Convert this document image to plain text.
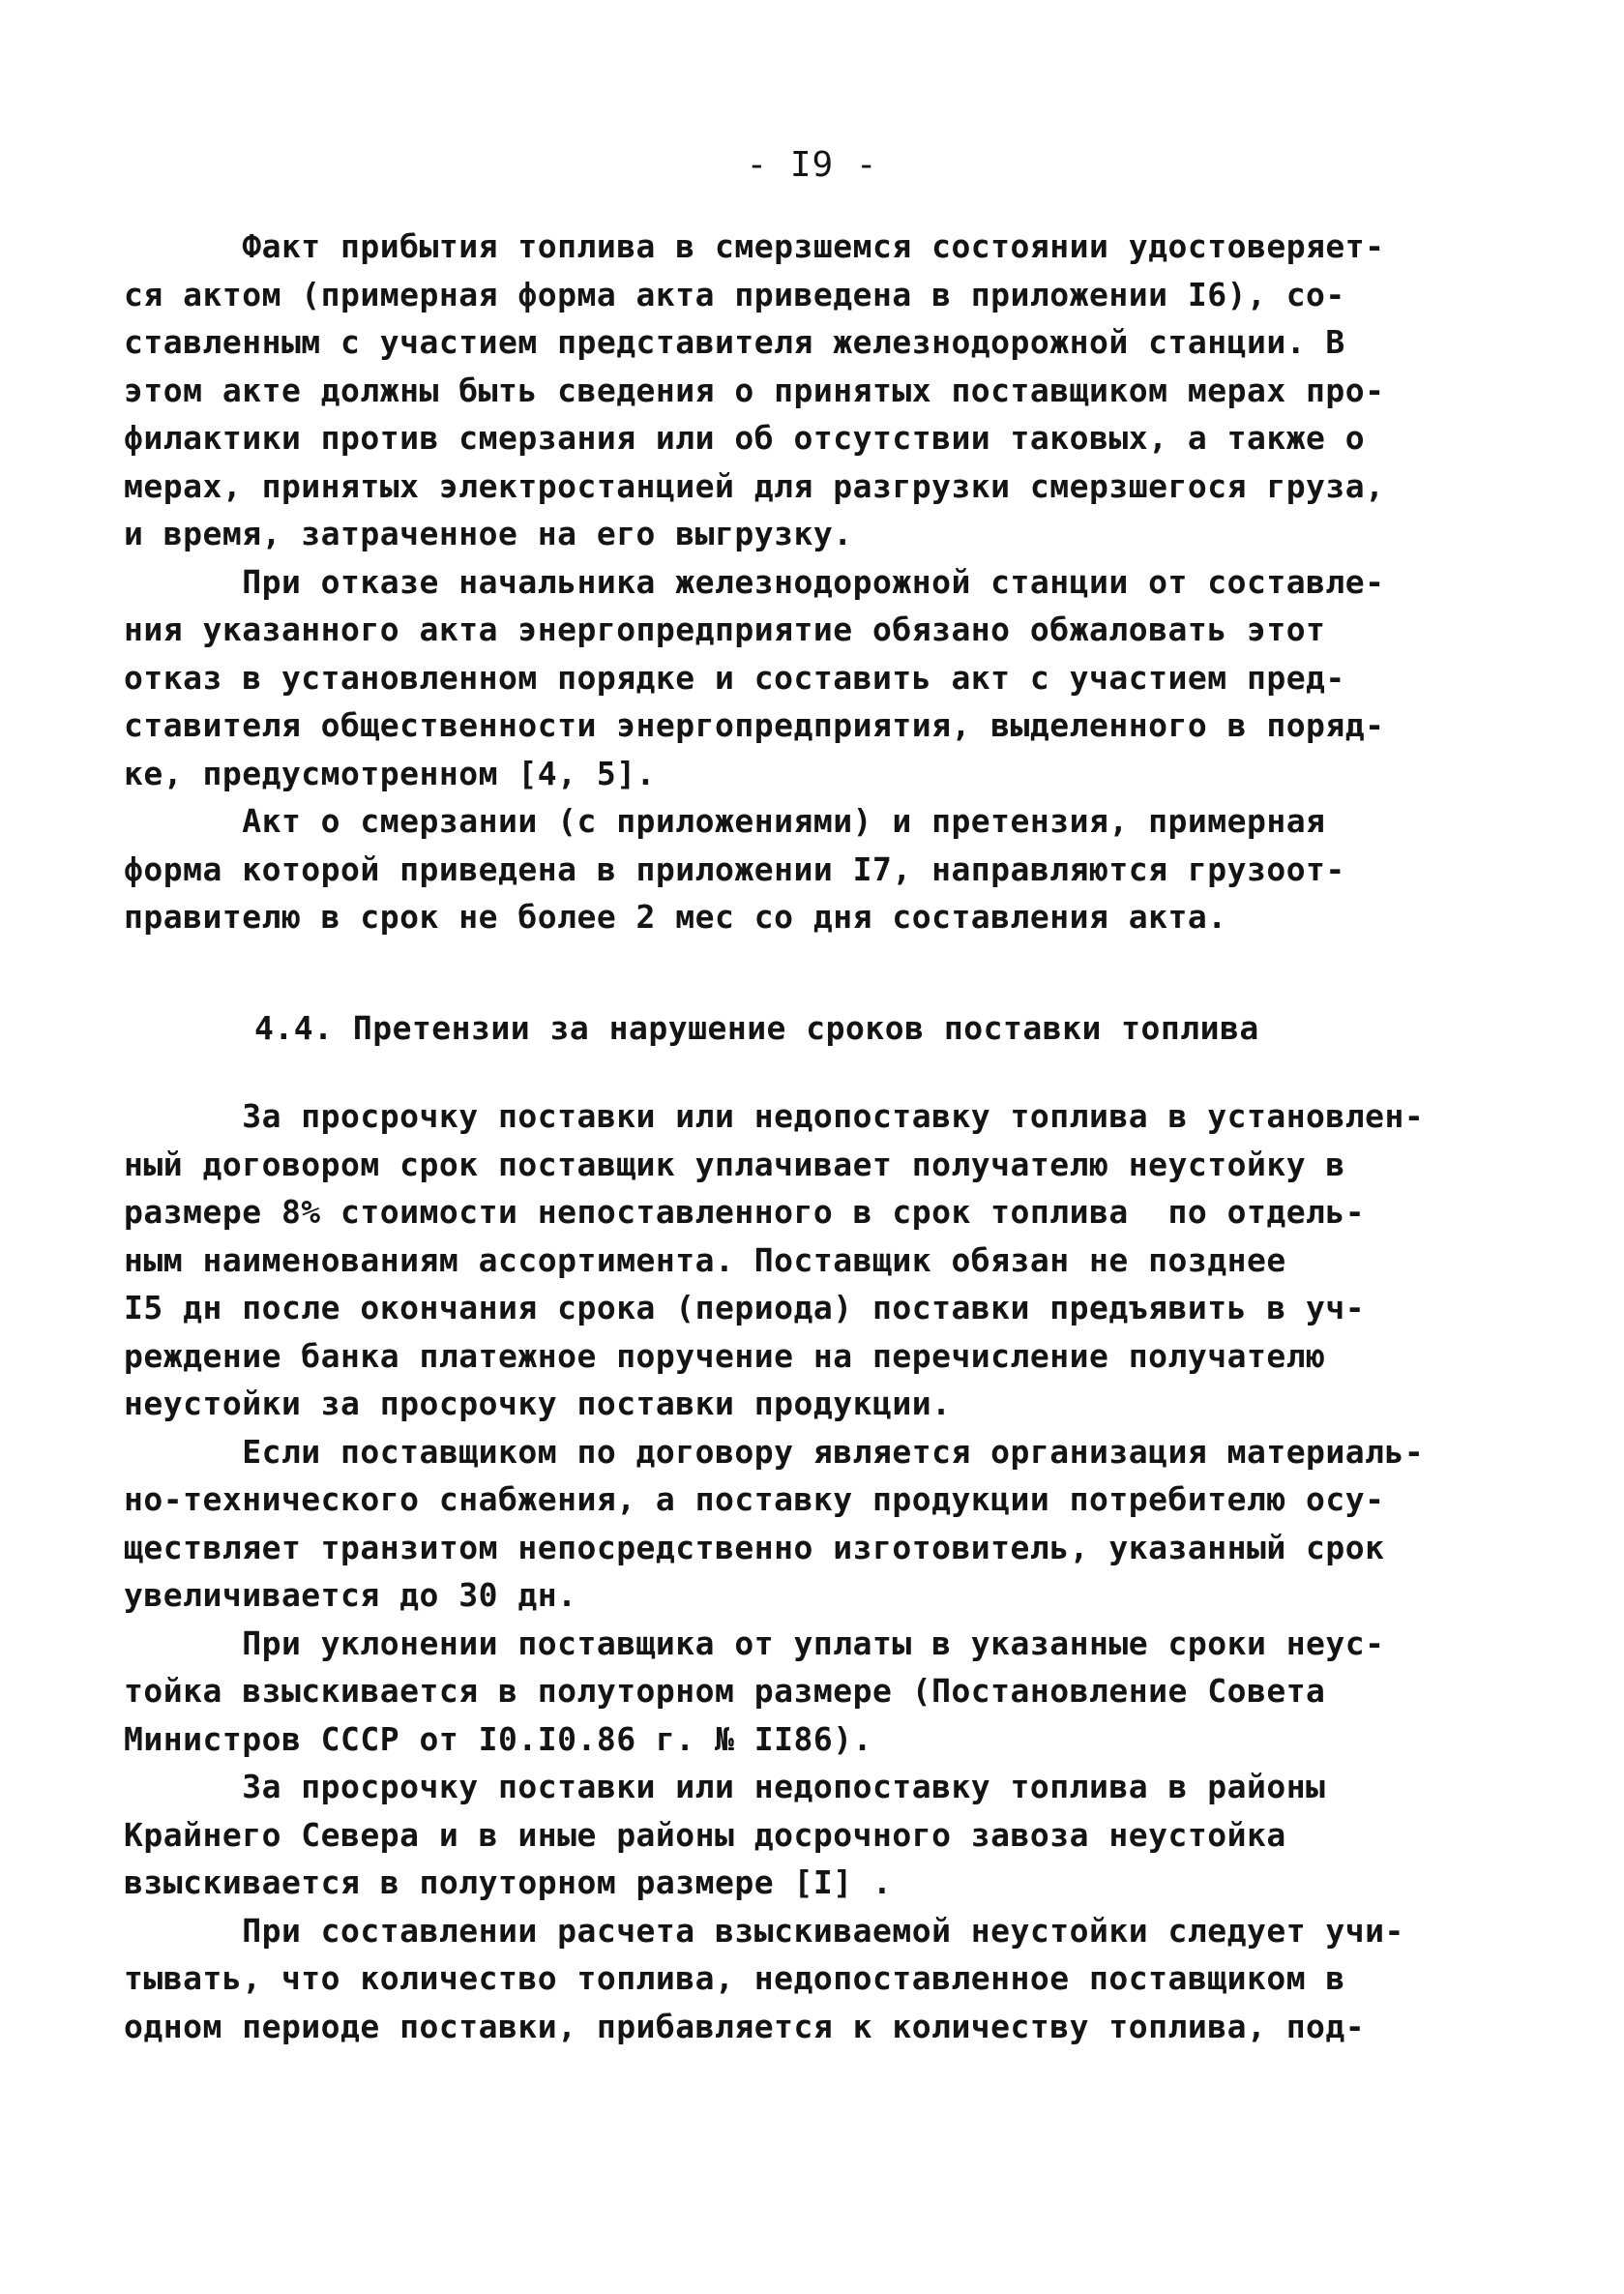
- I9 -
Факт прибытия топлива в смерзшемся состоянии удостоверяет-
ся актом (примерная форма акта приведена в приложении I6), со-
ставленным с участием представителя железнодорожной станции. В
этом акте должны быть сведения о принятых поставщиком мерах про-
филактики против смерзания или об отсутствии таковых, а также о
мерах, принятых электростанцией для разгрузки смерзшегося груза,
и время, затраченное на его выгрузку.
При отказе начальника железнодорожной станции от составле-
ния указанного акта энергопредприятие обязано обжаловать этот
отказ в установленном порядке и составить акт с участием пред-
ставителя общественности энергопредприятия, выделенного в поряд-
ке, предусмотренном [4, 5].
Акт о смерзании (с приложениями) и претензия, примерная
форма которой приведена в приложении I7, направляются грузоот-
правителю в срок не более 2 мес со дня составления акта.
4.4. Претензии за нарушение сроков поставки топлива
За просрочку поставки или недопоставку топлива в установлен-
ный договором срок поставщик уплачивает получателю неустойку в
размере 8% стоимости непоставленного в срок топлива  по отдель-
ным наименованиям ассортимента. Поставщик обязан не позднее
I5 дн после окончания срока (периода) поставки предъявить в уч-
реждение банка платежное поручение на перечисление получателю
неустойки за просрочку поставки продукции.
Если поставщиком по договору является организация материаль-
но-технического снабжения, а поставку продукции потребителю осу-
ществляет транзитом непосредственно изготовитель, указанный срок
увеличивается до 30 дн.
При уклонении поставщика от уплаты в указанные сроки неус-
тойка взыскивается в полуторном размере (Постановление Совета
Министров СССР от I0.I0.86 г. № II86).
За просрочку поставки или недопоставку топлива в районы
Крайнего Севера и в иные районы досрочного завоза неустойка
взыскивается в полуторном размере [I] .
При составлении расчета взыскиваемой неустойки следует учи-
тывать, что количество топлива, недопоставленное поставщиком в
одном периоде поставки, прибавляется к количеству топлива, под-
